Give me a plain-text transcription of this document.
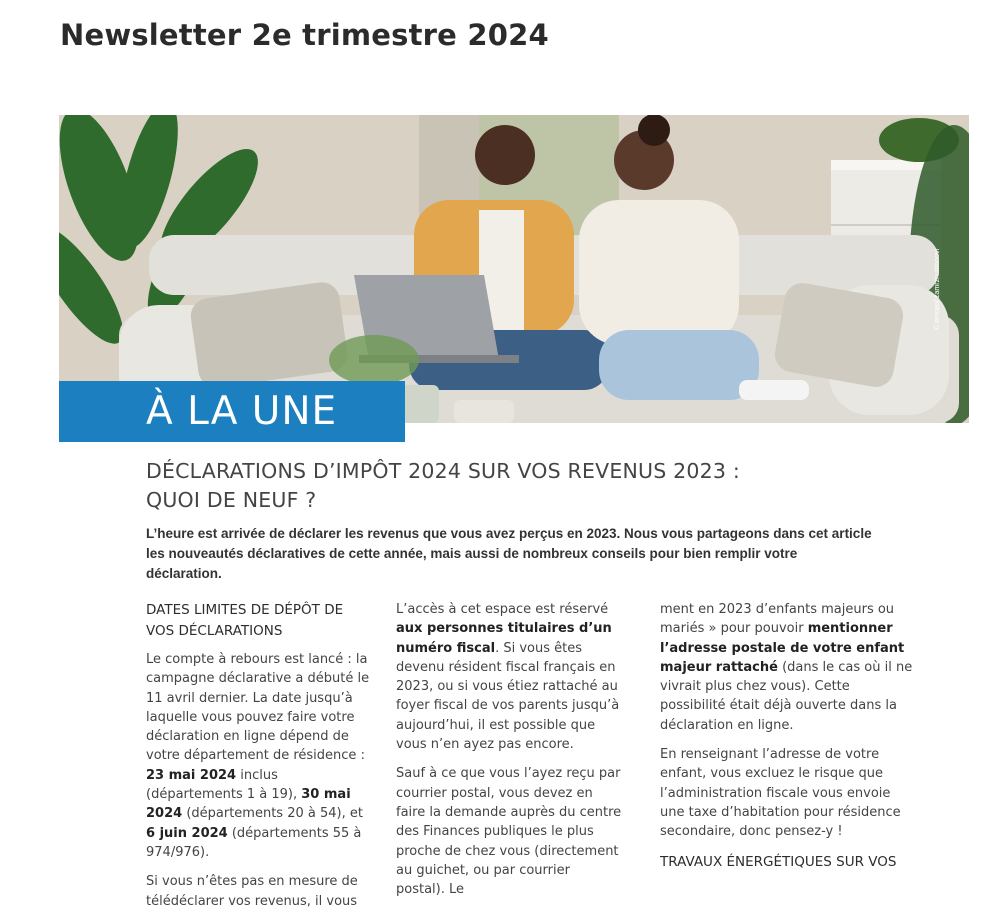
Newsletter 2e trimestre 2024
© envato/ zamrznutitonovi

À LA UNE

DÉCLARATIONS D’IMPÔT 2024 SUR VOS REVENUS 2023 :
QUOI DE NEUF ?

L’heure est arrivée de déclarer les revenus que vous avez perçus en 2023. Nous vous partageons dans cet article les nouveautés déclaratives de cette année, mais aussi de nombreux conseils pour bien remplir votre déclaration.

DATES LIMITES DE DÉPÔT DE VOS DÉCLARATIONS

Le compte à rebours est lancé : la campagne déclarative a débuté le 11 avril dernier. La date jusqu’à laquelle vous pouvez faire votre déclaration en ligne dépend de votre département de résidence : 23 mai 2024 inclus (départements 1 à 19), 30 mai 2024 (départements 20 à 54), et 6 juin 2024 (départements 55 à 974/976).

Si vous n’êtes pas en mesure de télédéclarer vos revenus, il vous

L’accès à cet espace est réservé aux personnes titulaires d’un numéro fiscal. Si vous êtes devenu résident fiscal français en 2023, ou si vous étiez rattaché au foyer fiscal de vos parents jusqu’à aujourd’hui, il est possible que vous n’en ayez pas encore.

Sauf à ce que vous l’ayez reçu par courrier postal, vous devez en faire la demande auprès du centre des Finances publiques le plus proche de chez vous (directement au guichet, ou par courrier postal). Le

ment en 2023 d’enfants majeurs ou mariés » pour pouvoir mentionner l’adresse postale de votre enfant majeur rattaché (dans le cas où il ne vivrait plus chez vous). Cette possibilité était déjà ouverte dans la déclaration en ligne.

En renseignant l’adresse de votre enfant, vous excluez le risque que l’administration fiscale vous envoie une taxe d’habitation pour résidence secondaire, donc pensez-y !

TRAVAUX ÉNERGÉTIQUES SUR VOS
